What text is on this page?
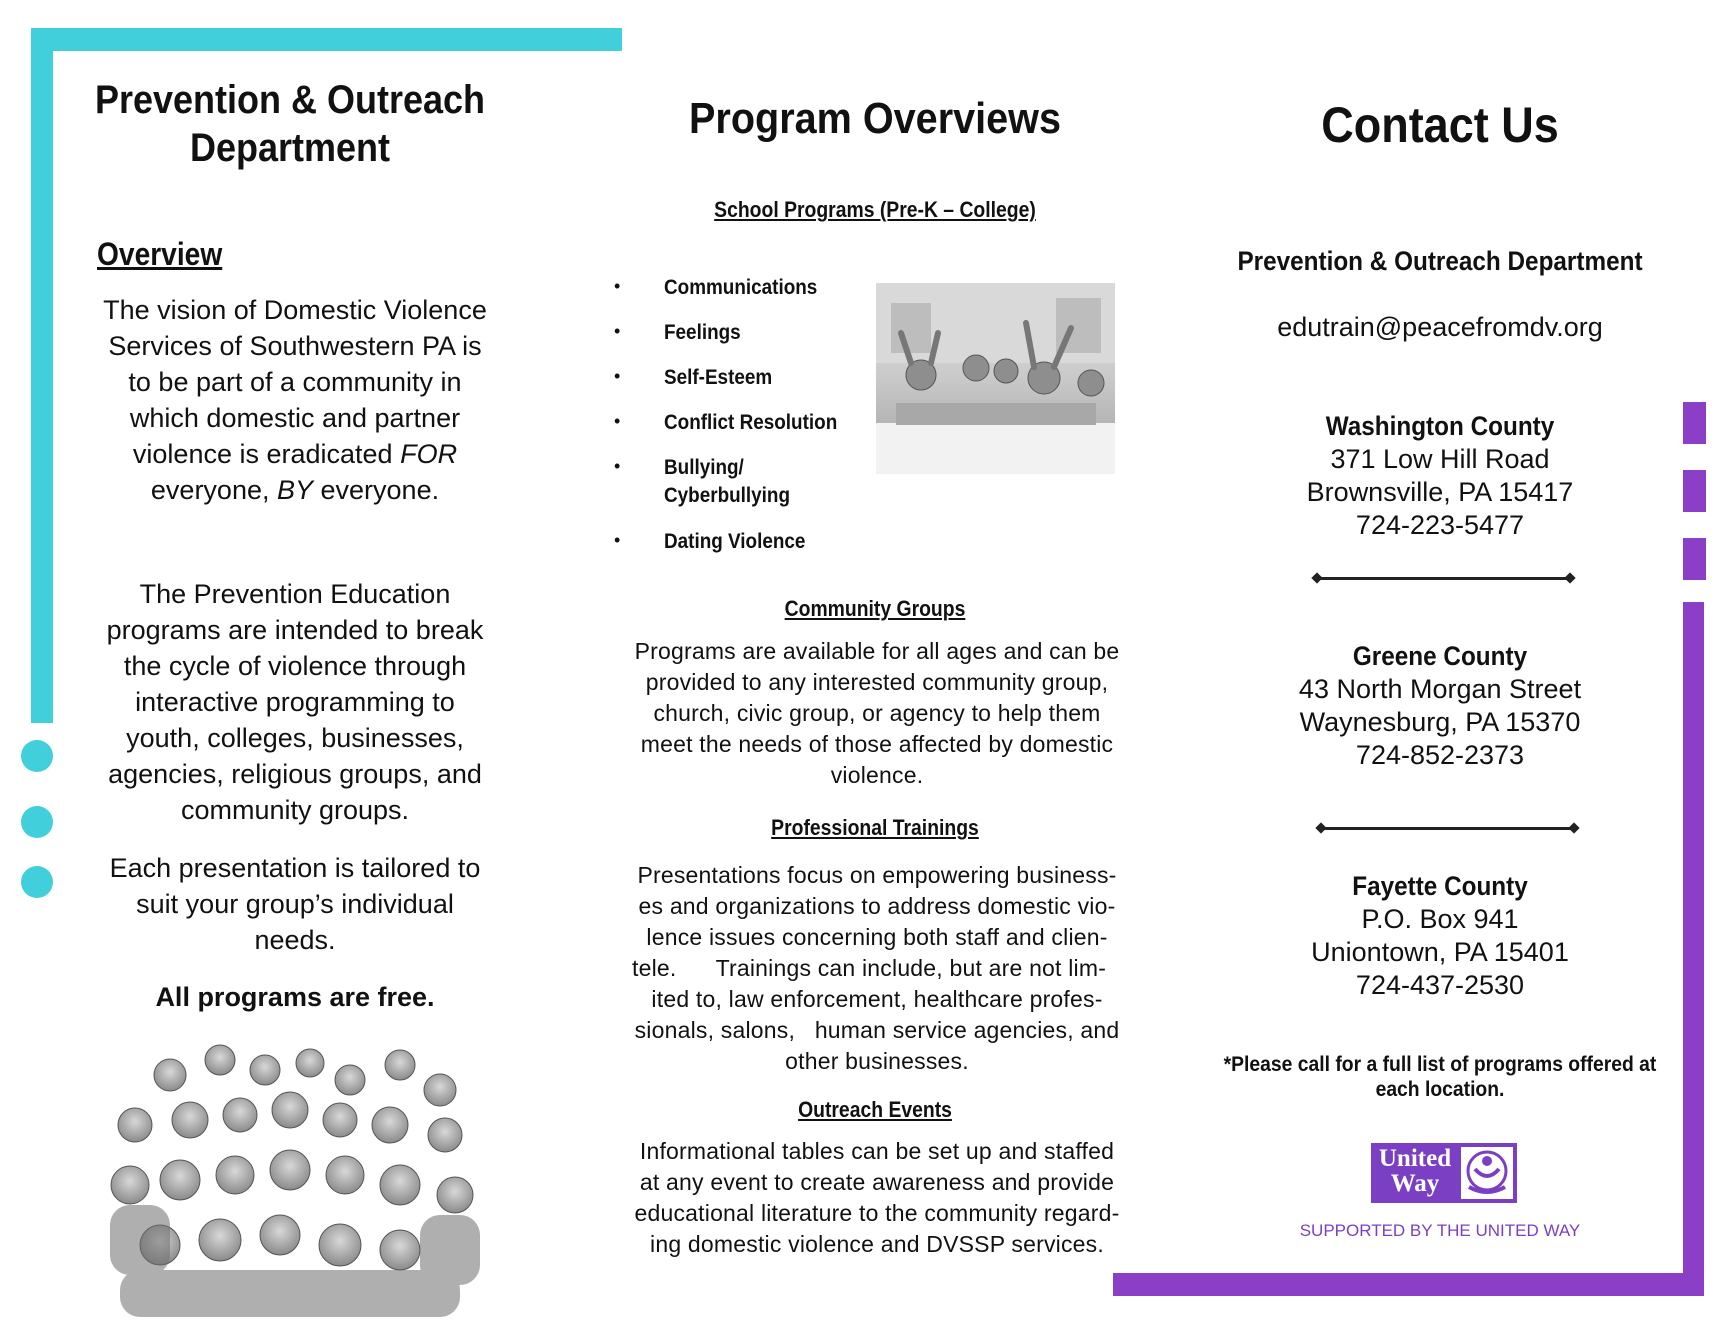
Prevention & Outreach
Department
Overview
The vision of Domestic Violence
Services of Southwestern PA is
to be part of a community in
which domestic and partner
violence is eradicated FOR
everyone, BY everyone.
The Prevention Education
programs are intended to break
the cycle of violence through
interactive programming to
youth, colleges, businesses,
agencies, religious groups, and
community groups.
Each presentation is tailored to
suit your group’s individual
needs.
All programs are free.
Program Overviews
School Programs (Pre-K – College)
• Communications
• Feelings
• Self-Esteem
• Conflict Resolution
• Bullying/
Cyberbullying
• Dating Violence
Community Groups
Programs are available for all ages and can be
provided to any interested community group,
church, civic group, or agency to help them
meet the needs of those affected by domestic
violence.
Professional Trainings
Presentations focus on empowering business-
es and organizations to address domestic vio-
lence issues concerning both staff and clien-
tele.      Trainings can include, but are not lim-
ited to, law enforcement, healthcare profes-
sionals, salons,   human service agencies, and
other businesses.
Outreach Events
Informational tables can be set up and staffed
at any event to create awareness and provide
educational literature to the community regard-
ing domestic violence and DVSSP services.
Contact Us
Prevention & Outreach Department
edutrain@peacefromdv.org
Washington County
371 Low Hill Road
Brownsville, PA 15417
724-223-5477
Greene County
43 North Morgan Street
Waynesburg, PA 15370
724-852-2373
Fayette County
P.O. Box 941
Uniontown, PA 15401
724-437-2530
*Please call for a full list of programs offered at
each location.
United
Way
SUPPORTED BY THE UNITED WAY
